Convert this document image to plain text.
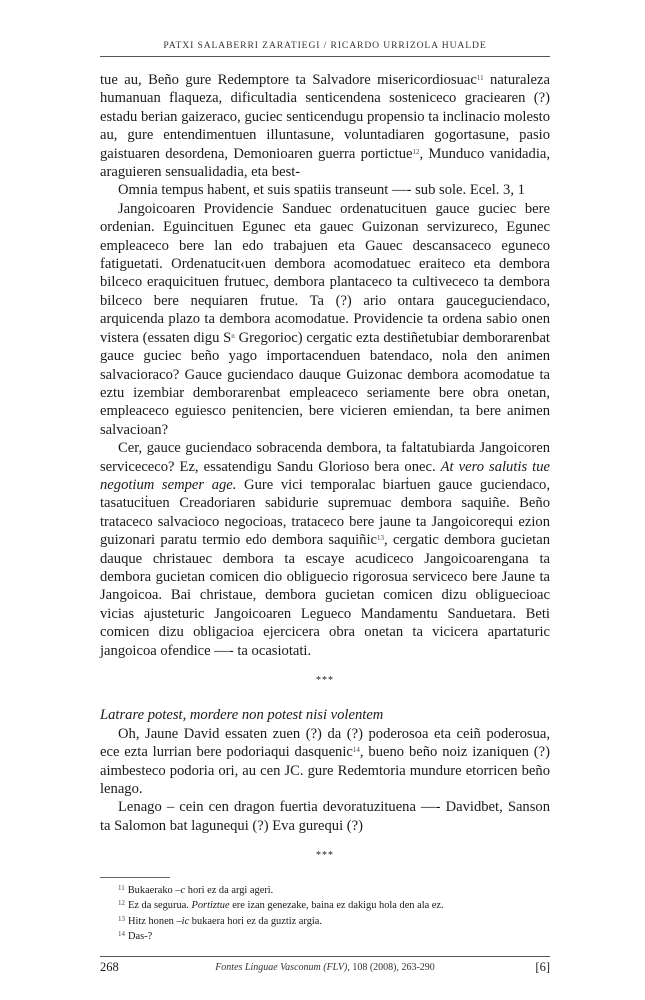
PATXI SALABERRI ZARATIEGI / RICARDO URRIZOLA HUALDE

tue au, Beño gure Redemptore ta Salvadore misericordiosuac$^{11}$ naturaleza humanuan flaqueza, dificultadia senticendena sosteniceco graciearen (?) estadu berian gaizeraco, guciec senticendugu propensio ta inclinacio molesto au, gure entendimentuen illuntasune, voluntadiaren gogortasune, pasio gaistuaren desordena, Demonioaren guerra portictue$^{12}$, Munduco vanidadia, araguieren sensualidadia, eta best-

Omnia tempus habent, et suis spatiis transeunt —- sub sole. Ecel. 3, 1

Jangoicoaren Providencie Sanduec ordenatucituen gauce guciec bere ordenian. Eguincituen Egunec eta gauec Guizonan servizureco, Egunec empleaceco bere lan edo trabajuen eta Gauec descansaceco eguneco fatiguetati. Ordenatucit‹uen dembora acomodatuec eraiteco eta dembora bilceco eraquicituen frutuec, dembora plantaceco ta cultivececo ta dembora bilceco bere nequiaren frutue. Ta (?) ario ontara gauceguciendaco, arquicenda plazo ta dembora acomodatue. Providencie ta ordena sabio onen vistera (essaten digu $S^n$ Gregorioc) cergatic ezta destiñetubiar demborarenbat gauce guciec beño yago importacenduen batendaco, nola den animen salvacioraco? Gauce guciendaco dauque Guizonac dembora acomodatue ta eztu izembiar demborarenbat empleaceco seriamente bere obra onetan, empleaceco eguiesco penitencien, bere vicieren emiendan, ta bere animen salvacioan?

Cer, gauce guciendaco sobracenda dembora, ta faltatubiarda Jangoicoren servicececo? Ez, essatendigu Sandu Glorioso bera onec. At vero salutis tue negotium semper age. Gure vici temporalac biarṫuen gauce guciendaco, tasatuciṫuen Creadoriaren sabidurie supremuac dembora saquiñe. Beño trataceco salvacioco negocioas, trataceco bere jaune ta Jangoicorequi ezion guizonari paratu termio edo dembora saquiñic$^{13}$, cergatic dembora gucietan dauque christauec dembora ta escaye acudiceco Jangoicoarengana ta dembora gucietan comicen dio obliguecio rigorosua serviceco bere Jaune ta Jangoicoa. Bai christaue, dembora gucietan comicen dizu obliguecioac vicias ajusteturic Jangoicoaren Legueco Mandamentu Sanduetara. Beti comicen dizu obligacioa ejercicera obra onetan ta vicicera apartaturic jangoicoa ofendice —- ta ocasiotati.

***

Latrare potest, mordere non potest nisi volentem

Oh, Jaune David essaten zuen (?) da (?) poderosoa eta ceiñ poderosua, ece ezta lurrian bere podoriaqui dasquenic$^{14}$, bueno beño noiz izaniquen (?) aimbesteco podoria ori, au cen JC. gure Redemtoria mundure etorricen beño lenago.

Lenago – cein cen dragon fuertia devoratuzituena —- Davidbet, Sanson ta Salomon bat lagunequi (?) Eva gurequi (?)

***
$^{11}$ Bukaerako –c hori ez da argi ageri.
$^{12}$ Ez da segurua. Portiztue ere izan genezake, baina ez dakigu hola den ala ez.
$^{13}$ Hitz honen –ic bukaera hori ez da guztiz argia.
$^{14}$ Das-?
268	Fontes Linguae Vasconum (FLV), 108 (2008), 263-290	[6]
